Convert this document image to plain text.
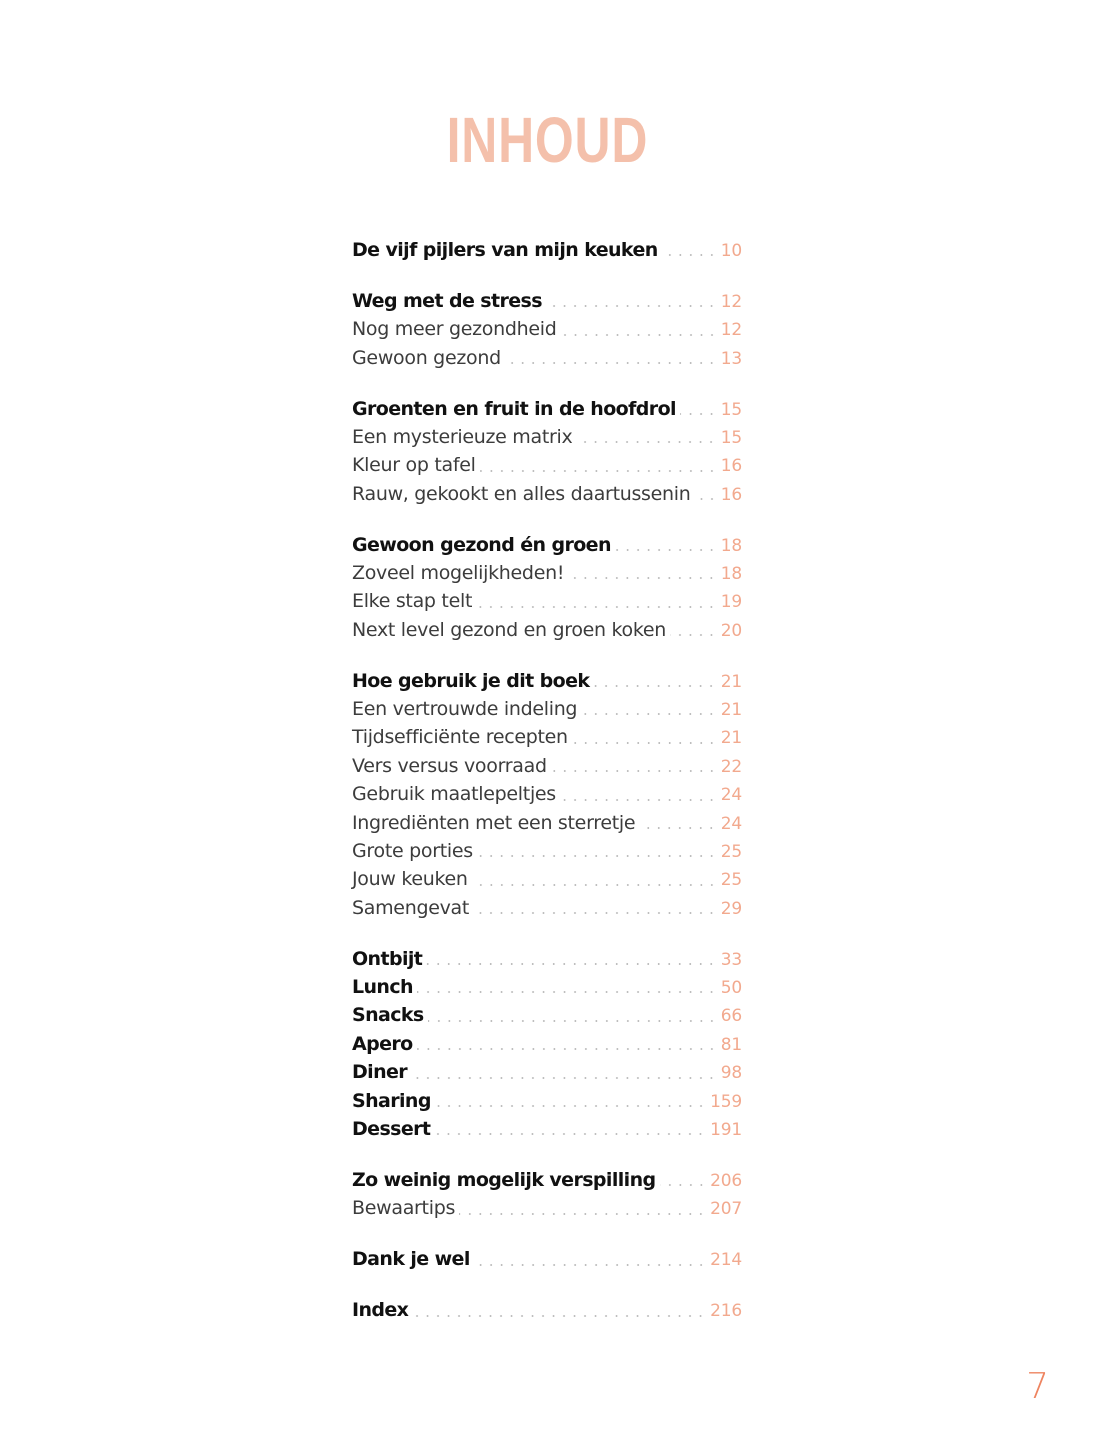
INHOUD
De vijf pijlers van mijn keuken	10
Weg met de stress	12
Nog meer gezondheid	12
Gewoon gezond	13
Groenten en fruit in de hoofdrol	15
Een mysterieuze matrix	15
Kleur op tafel	16
Rauw, gekookt en alles daartussenin 16
Gewoon gezond én groen	18
Zoveel mogelijkheden!	18
Elke stap telt	19
Next level gezond en groen koken	20
Hoe gebruik je dit boek	21
Een vertrouwde indeling	21
Tijdsefficiënte recepten	21
Vers versus voorraad	22
Gebruik maatlepeltjes	24
Ingrediënten met een sterretje	24
Grote porties	25
Jouw keuken	25
Samengevat	29
Ontbijt	33
Lunch	50
Snacks	66
Apero	81
Diner	98
Sharing	159
Dessert	191
Zo weinig mogelijk verspilling	206
Bewaartips	207
Dank je wel	214
Index	216
7
